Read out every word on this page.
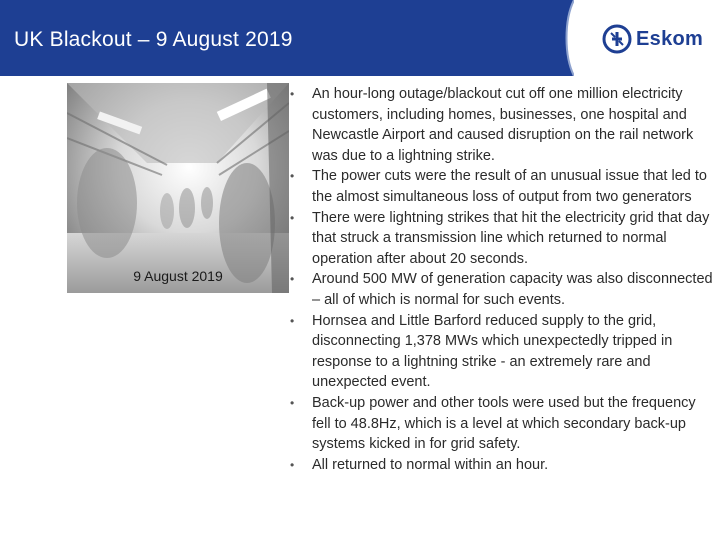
UK Blackout – 9 August 2019	Eskom
9 August 2019
• An hour-long outage/blackout cut off one million electricity customers, including homes, businesses, one hospital and Newcastle Airport and caused disruption on the rail network was due to a lightning strike.
• The power cuts were the result of an unusual issue that led to the almost simultaneous loss of output from two generators
• There were lightning strikes that hit the electricity grid that day that struck a transmission line which returned to normal operation after about 20 seconds.
• Around 500 MW of generation capacity was also disconnected – all of which is normal for such events.
• Hornsea and Little Barford reduced supply to the grid, disconnecting 1,378 MWs which unexpectedly tripped in response to a lightning strike - an extremely rare and unexpected event.
• Back-up power and other tools were used but the frequency fell to 48.8Hz, which is a level at which secondary back-up systems kicked in for grid safety.
• All returned to normal within an hour.
